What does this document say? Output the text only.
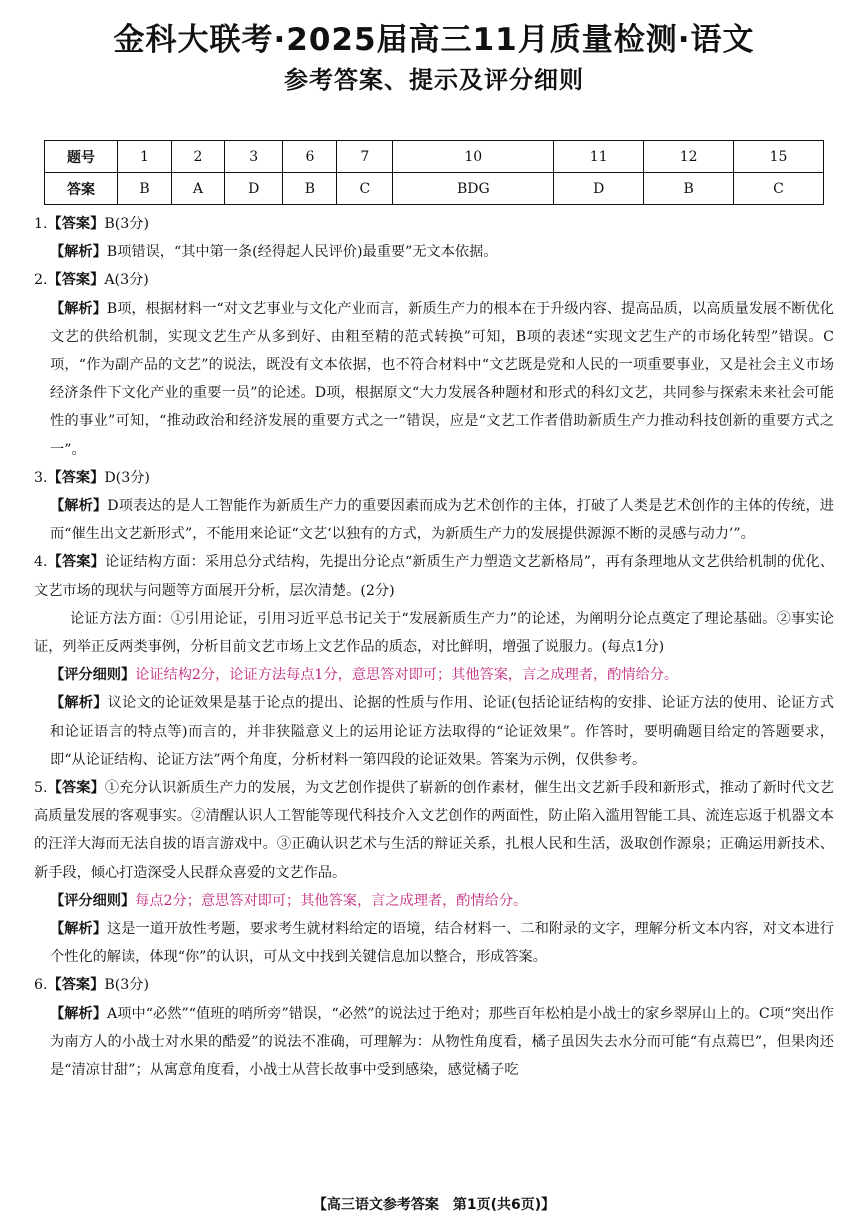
金科大联考·2025届高三11月质量检测·语文
参考答案、提示及评分细则
题号	1	2	3	6	7	10	11	12	15
答案	B	A	D	B	C	BDG	D	B	C

1.【答案】B(3分)

【解析】B项错误，“其中第一条(经得起人民评价)最重要”无文本依据。

2.【答案】A(3分)

【解析】B项，根据材料一“对文艺事业与文化产业而言，新质生产力的根本在于升级内容、提高品质，以高质量发展不断优化文艺的供给机制，实现文艺生产从多到好、由粗至精的范式转换”可知，B项的表述“实现文艺生产的市场化转型”错误。C项，“作为副产品的文艺”的说法，既没有文本依据，也不符合材料中“文艺既是党和人民的一项重要事业，又是社会主义市场经济条件下文化产业的重要一员”的论述。D项，根据原文“大力发展各种题材和形式的科幻文艺，共同参与探索未来社会可能性的事业”可知，“推动政治和经济发展的重要方式之一”错误，应是“文艺工作者借助新质生产力推动科技创新的重要方式之一”。

3.【答案】D(3分)

【解析】D项表达的是人工智能作为新质生产力的重要因素而成为艺术创作的主体，打破了人类是艺术创作的主体的传统，进而“催生出文艺新形式”，不能用来论证“文艺‘以独有的方式，为新质生产力的发展提供源源不断的灵感与动力’”。

4.【答案】论证结构方面：采用总分式结构，先提出分论点“新质生产力塑造文艺新格局”，再有条理地从文艺供给机制的优化、文艺市场的现状与问题等方面展开分析，层次清楚。(2分)

论证方法方面：①引用论证，引用习近平总书记关于“发展新质生产力”的论述，为阐明分论点奠定了理论基础。②事实论证，列举正反两类事例，分析目前文艺市场上文艺作品的质态，对比鲜明，增强了说服力。(每点1分)

【评分细则】论证结构2分，论证方法每点1分，意思答对即可；其他答案，言之成理者，酌情给分。

【解析】议论文的论证效果是基于论点的提出、论据的性质与作用、论证(包括论证结构的安排、论证方法的使用、论证方式和论证语言的特点等)而言的，并非狭隘意义上的运用论证方法取得的“论证效果”。作答时，要明确题目给定的答题要求，即“从论证结构、论证方法”两个角度，分析材料一第四段的论证效果。答案为示例，仅供参考。

5.【答案】①充分认识新质生产力的发展，为文艺创作提供了崭新的创作素材，催生出文艺新手段和新形式，推动了新时代文艺高质量发展的客观事实。②清醒认识人工智能等现代科技介入文艺创作的两面性，防止陷入滥用智能工具、流连忘返于机器文本的汪洋大海而无法自拔的语言游戏中。③正确认识艺术与生活的辩证关系，扎根人民和生活，汲取创作源泉；正确运用新技术、新手段，倾心打造深受人民群众喜爱的文艺作品。

【评分细则】每点2分；意思答对即可；其他答案，言之成理者，酌情给分。

【解析】这是一道开放性考题，要求考生就材料给定的语境，结合材料一、二和附录的文字，理解分析文本内容，对文本进行个性化的解读，体现“你”的认识，可从文中找到关键信息加以整合，形成答案。

6.【答案】B(3分)

【解析】A项中“必然”“值班的哨所旁”错误，“必然”的说法过于绝对；那些百年松柏是小战士的家乡翠屏山上的。C项“突出作为南方人的小战士对水果的酷爱”的说法不准确，可理解为：从物性角度看，橘子虽因失去水分而可能“有点蔫巴”，但果肉还是“清凉甘甜”；从寓意角度看，小战士从营长故事中受到感染，感觉橘子吃

【高三语文参考答案　第1页(共6页)】
